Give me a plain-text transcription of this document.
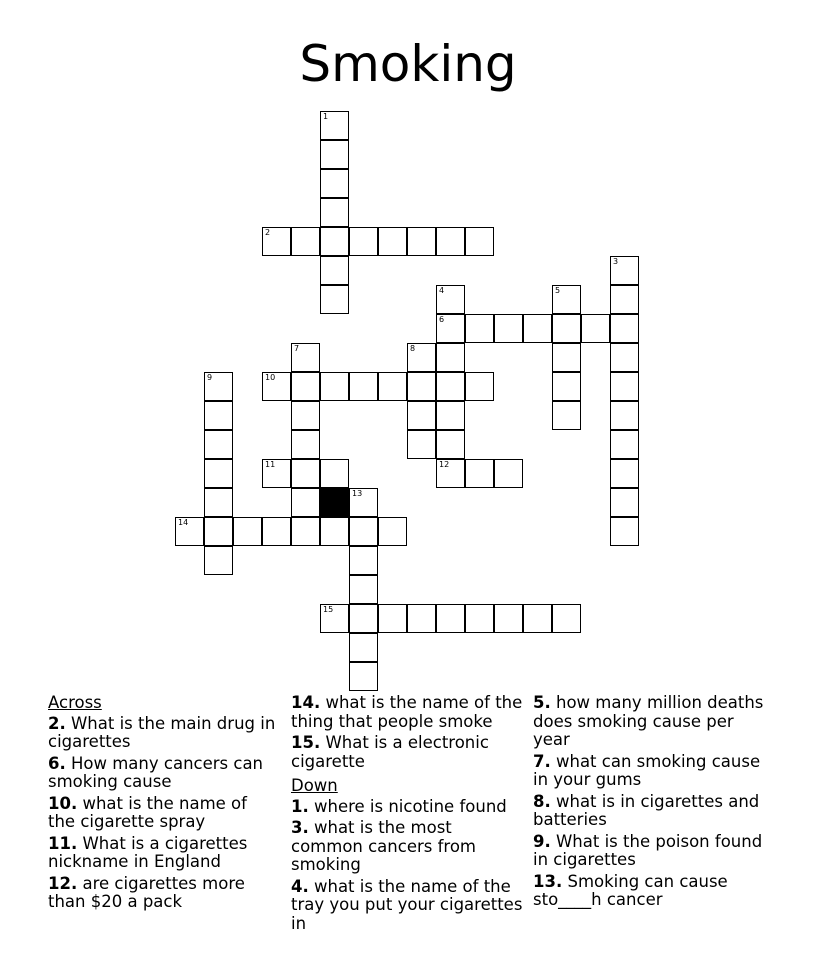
Smoking
1
2
3
4	5
6
7	8
9	10
11	12
13
14
15
Across
2. What is the main drug in cigarettes
6. How many cancers can smoking cause
10. what is the name of the cigarette spray
11. What is a cigarettes nickname in England
12. are cigarettes more than $20 a pack
14. what is the name of the thing that people smoke
15. What is a electronic cigarette
Down
1. where is nicotine found
3. what is the most common cancers from smoking
4. what is the name of the tray you put your cigarettes in
5. how many million deaths does smoking cause per year
7. what can smoking cause in your gums
8. what is in cigarettes and batteries
9. What is the poison found in cigarettes
13. Smoking can cause sto____h cancer
